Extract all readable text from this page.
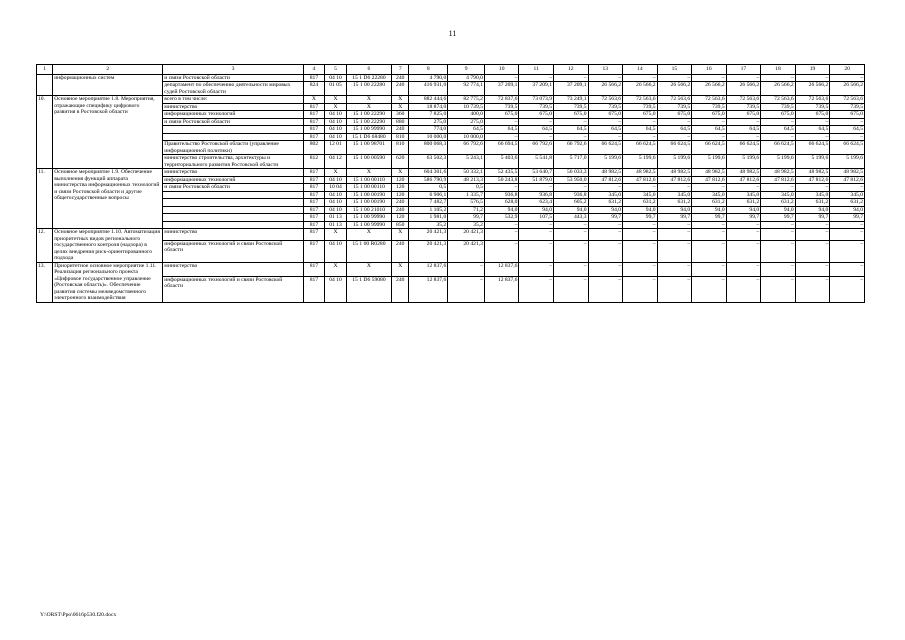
11
1	2	3	4	5	6	7	8	9	10	11	12	13	14	15	16	17	18	19	20
	информационных систем	и связи Ростовской области	817	04 10	15 1 D6 22280	240	4 790,0	4 790,0	–	–	–	–	–	–	–	–	–	–	–
		департамент по обеспечению деятельности мировых судей Ростовской области	824	01 05	15 1 00 22280	240	416 931,0	92 774,1	37 209,1	37 209,1	37 209,1	26 566,2	26 566,2	26 566,2	26 566,2	26 566,2	26 566,2	26 566,2	26 566,2
10.	Основное мероприятие 1.8. Мероприятия, отражающие специфику цифрового развития в Ростовской области	всего в том числе:	X	X	X	X	882 444,6	82 775,2	72 837,6	73 073,9	73 249,1	72 563,6	72 563,6	72 563,6	72 563,6	72 563,6	72 563,6	72 563,6	72 563,6
		министерство	817	X	X	X	18 874,0	10 739,5	739,5	739,5	739,5	739,5	739,5	739,5	739,5	739,5	739,5	739,5	739,5
		информационных технологий	817	04 10	15 1 00 22290	360	7 825,0	400,0	675,0	675,0	675,0	675,0	675,0	675,0	675,0	675,0	675,0	675,0	675,0
		и связи Ростовской области	817	04 10	15 1 00 22290	880	275,0	275,0	–	–	–	–	–	–	–	–	–	–	–
			817	04 10	15 1 00 99990	240	774,0	64,5	64,5	64,5	64,5	64,5	64,5	64,5	64,5	64,5	64,5	64,5	64,5
			817	04 10	15 1 D6 68480	810	10 000,0	10 000,0	–	–	–	–	–	–	–	–	–	–	–
		Правительство Ростовской области (управление информационной политики)	802	12 01	15 1 00 98701	810	800 068,3	66 792,6	66 694,5	66 792,6	66 792,6	66 624,5	66 624,5	66 624,5	66 624,5	66 624,5	66 624,5	66 624,5	66 624,5
		министерство строительства, архитектуры и территориального развития Ростовской области	812	04 12	15 1 00 00590	620	63 502,3	5 243,1	5 403,6	5 541,8	5 717,0	5 199,6	5 199,6	5 199,6	5 199,6	5 199,6	5 199,6	5 199,6	5 199,6
11.	Основное мероприятие 1.9. Обеспечение выполнения функций аппарата министерства информационных технологий и связи Ростовской области и другие общегосударственные вопросы	министерство	817	X	X	X	604 301,6	50 332,1	52 435,5	53 640,7	56 033,3	48 982,5	48 982,5	48 982,5	48 982,5	48 982,5	48 982,5	48 982,5	48 982,5
		информационных технологий	817	04 10	15 1 00 00110	120	586 790,9	48 213,3	50 243,8	51 879,0	53 950,0	47 812,6	47 812,6	47 812,6	47 812,6	47 812,6	47 812,6	47 812,6	47 812,6
		и связи Ростовской области	817	10 04	15 1 00 00110	120	0,5	0,5	–	–	–	–	–	–	–	–	–	–	–
			817	04 10	15 1 00 00190	120	6 906,1	1 335,7	936,8	936,8	936,8	345,0	345,0	345,0	345,0	345,0	345,0	345,0	345,0
			817	04 10	15 1 00 00190	240	7 482,7	576,5	628,0	623,4	605,2	631,2	631,2	631,2	631,2	631,2	631,2	631,2	631,2
			817	04 10	15 1 00 21010	240	1 105,2	71,2	94,0	94,0	94,0	94,0	94,0	94,0	94,0	94,0	94,0	94,0	94,0
			817	01 13	15 1 00 99990	120	1 981,0	99,7	532,9	107,5	443,3	99,7	99,7	99,7	99,7	99,7	99,7	99,7	99,7
			817	01 13	15 1 00 99990	850	35,2	35,2	–	–	–	–	–	–	–	–	–	–	–
12.	Основное мероприятие 1.10. Автоматизация приоритетных видов регионального государственного контроля (надзора) в целях внедрения риск-ориентированного подхода	министерство	817	X	X	X	20 421,3	20 421,3	–	–	–	–	–	–	–	–	–	–	–
		информационных технологий и связи Ростовской области	817	04 10	15 1 00 R0280	240	20 421,3	20 421,3	–	–	–	–	–	–	–	–	–	–	–
13.	Приоритетное основное мероприятие 1.11. Реализация регионального проекта «Цифровое государственное управление (Ростовская область)». Обеспечение развития системы межведомственного электронного взаимодействия	министерство	817	X	X	X	12 837,6	–	12 837,6	–	–	–	–	–	–	–	–	–	–
		информационных технологий и связи Ростовской области	817	04 10	15 1 D6 59080	240	12 837,6	–	12 837,6	–	–	–	–	–	–	–	–	–	–
Y:\ORST\Ppo\0616p530.f20.docx
